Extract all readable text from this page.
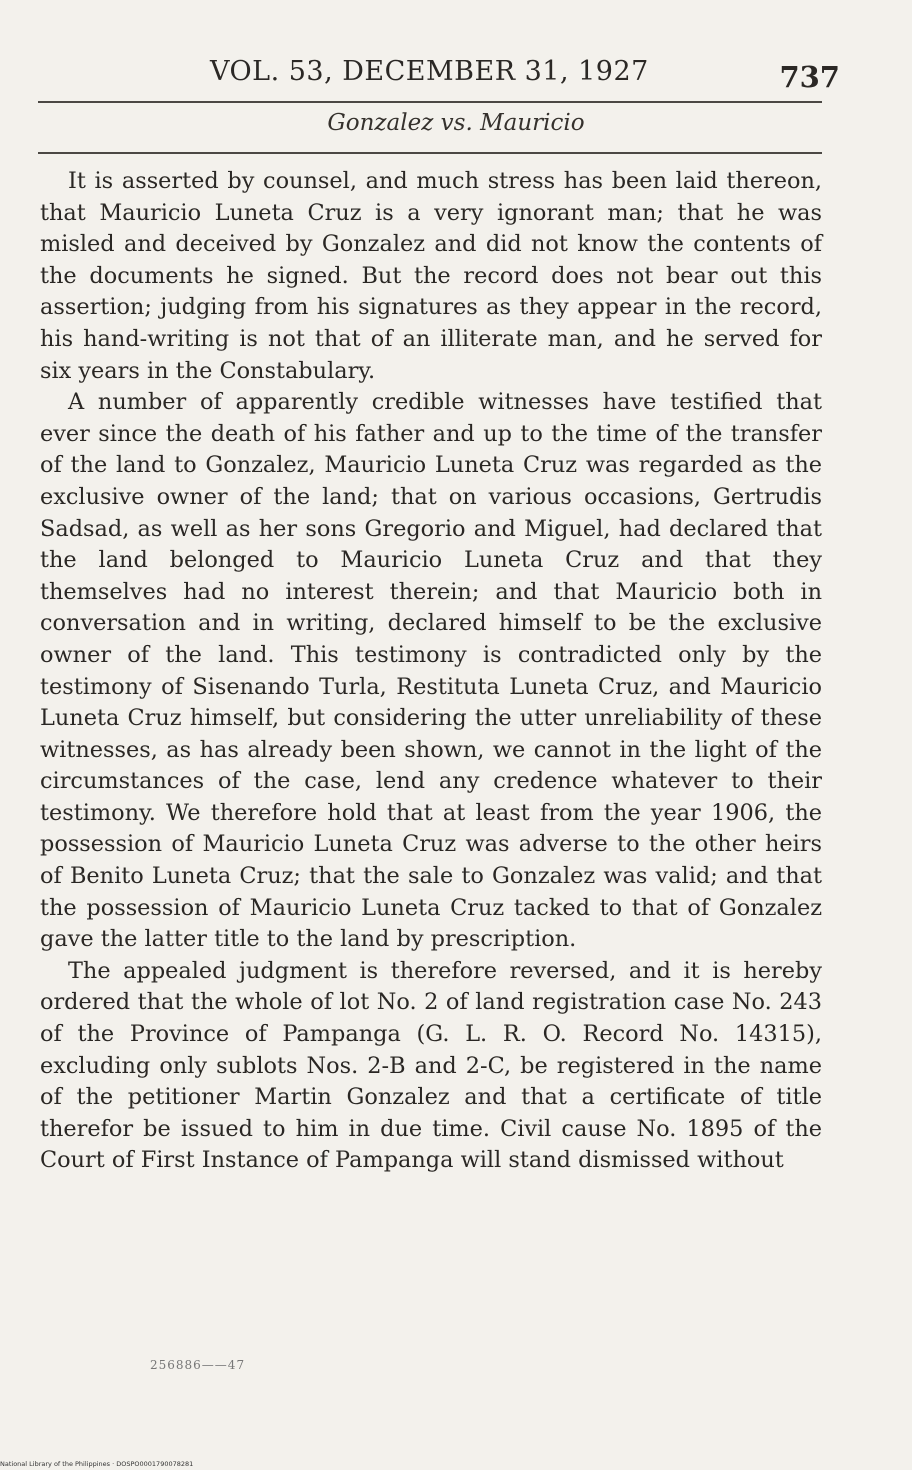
VOL. 53, DECEMBER 31, 1927	737
Gonzalez vs. Mauricio

It is asserted by counsel, and much stress has been laid thereon, that Mauricio Luneta Cruz is a very ignorant man; that he was misled and deceived by Gonzalez and did not know the contents of the documents he signed. But the record does not bear out this assertion; judging from his signatures as they appear in the record, his hand-writing is not that of an illiterate man, and he served for six years in the Constabulary.

A number of apparently credible witnesses have testified that ever since the death of his father and up to the time of the transfer of the land to Gonzalez, Mauricio Luneta Cruz was regarded as the exclusive owner of the land; that on various occasions, Gertrudis Sadsad, as well as her sons Gregorio and Miguel, had declared that the land belonged to Mauricio Luneta Cruz and that they themselves had no interest therein; and that Mauricio both in conversation and in writing, declared himself to be the exclusive owner of the land. This testimony is contradicted only by the testimony of Sisenando Turla, Restituta Luneta Cruz, and Mauricio Luneta Cruz himself, but considering the utter unreliability of these witnesses, as has already been shown, we cannot in the light of the circumstances of the case, lend any credence whatever to their testimony. We therefore hold that at least from the year 1906, the possession of Mauricio Luneta Cruz was adverse to the other heirs of Benito Luneta Cruz; that the sale to Gonzalez was valid; and that the possession of Mauricio Luneta Cruz tacked to that of Gonzalez gave the latter title to the land by prescription.

The appealed judgment is therefore reversed, and it is hereby ordered that the whole of lot No. 2 of land registration case No. 243 of the Province of Pampanga (G. L. R. O. Record No. 14315), excluding only sublots Nos. 2-B and 2-C, be registered in the name of the petitioner Martin Gonzalez and that a certificate of title therefor be issued to him in due time. Civil cause No. 1895 of the Court of First Instance of Pampanga will stand dismissed without

256886——47
National Library of the Philippines · DOSPO0001790078281
